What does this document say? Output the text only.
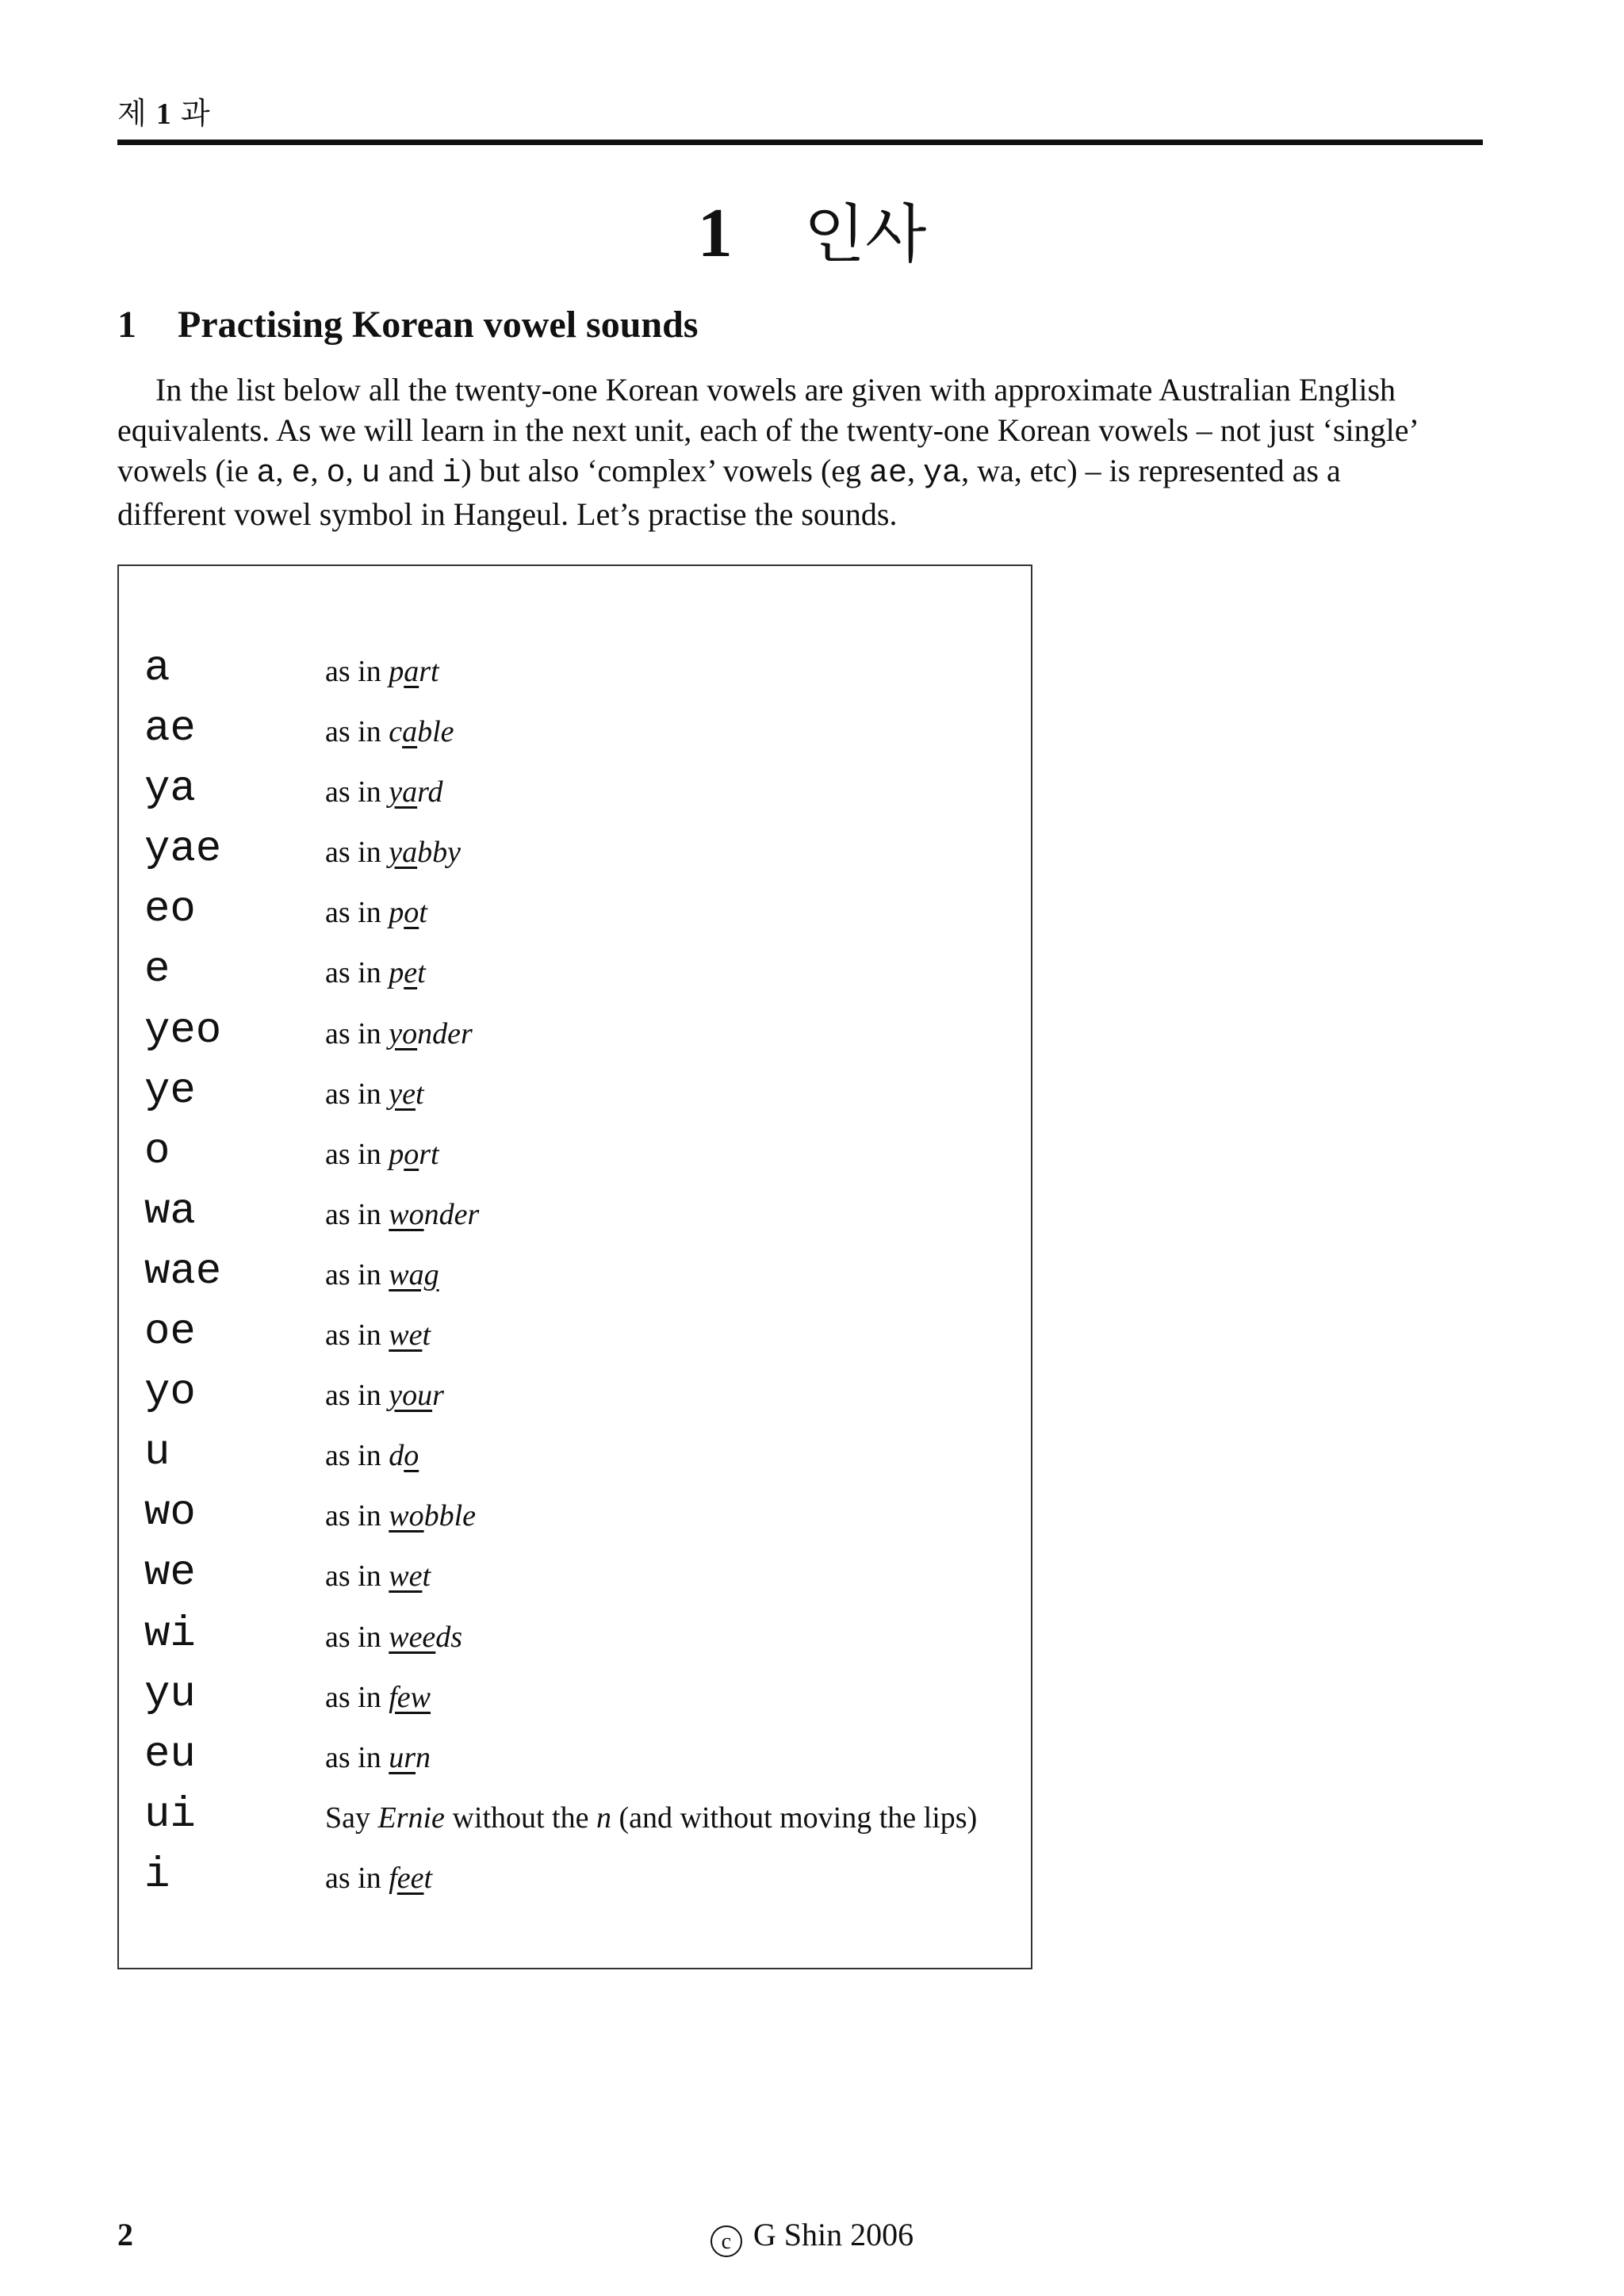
제 1 과
1 인사
1 Practising Korean vowel sounds
In the list below all the twenty-one Korean vowels are given with approximate Australian English
equivalents. As we will learn in the next unit, each of the twenty-one Korean vowels – not just ‘single’
vowels (ie a, e, o, u and i) but also ‘complex’ vowels (eg ae, ya, wa, etc) – is represented as a
different vowel symbol in Hangeul. Let’s practise the sounds.
a	as in part
ae	as in cable
ya	as in yard
yae	as in yabby
eo	as in pot
e	as in pet
yeo	as in yonder
ye	as in yet
o	as in port
wa	as in wonder
wae	as in wag
oe	as in wet
yo	as in your
u	as in do
wo	as in wobble
we	as in wet
wi	as in weeds
yu	as in few
eu	as in urn
ui	Say Ernie without the n (and without moving the lips)
i	as in feet
2	c G Shin 2006
